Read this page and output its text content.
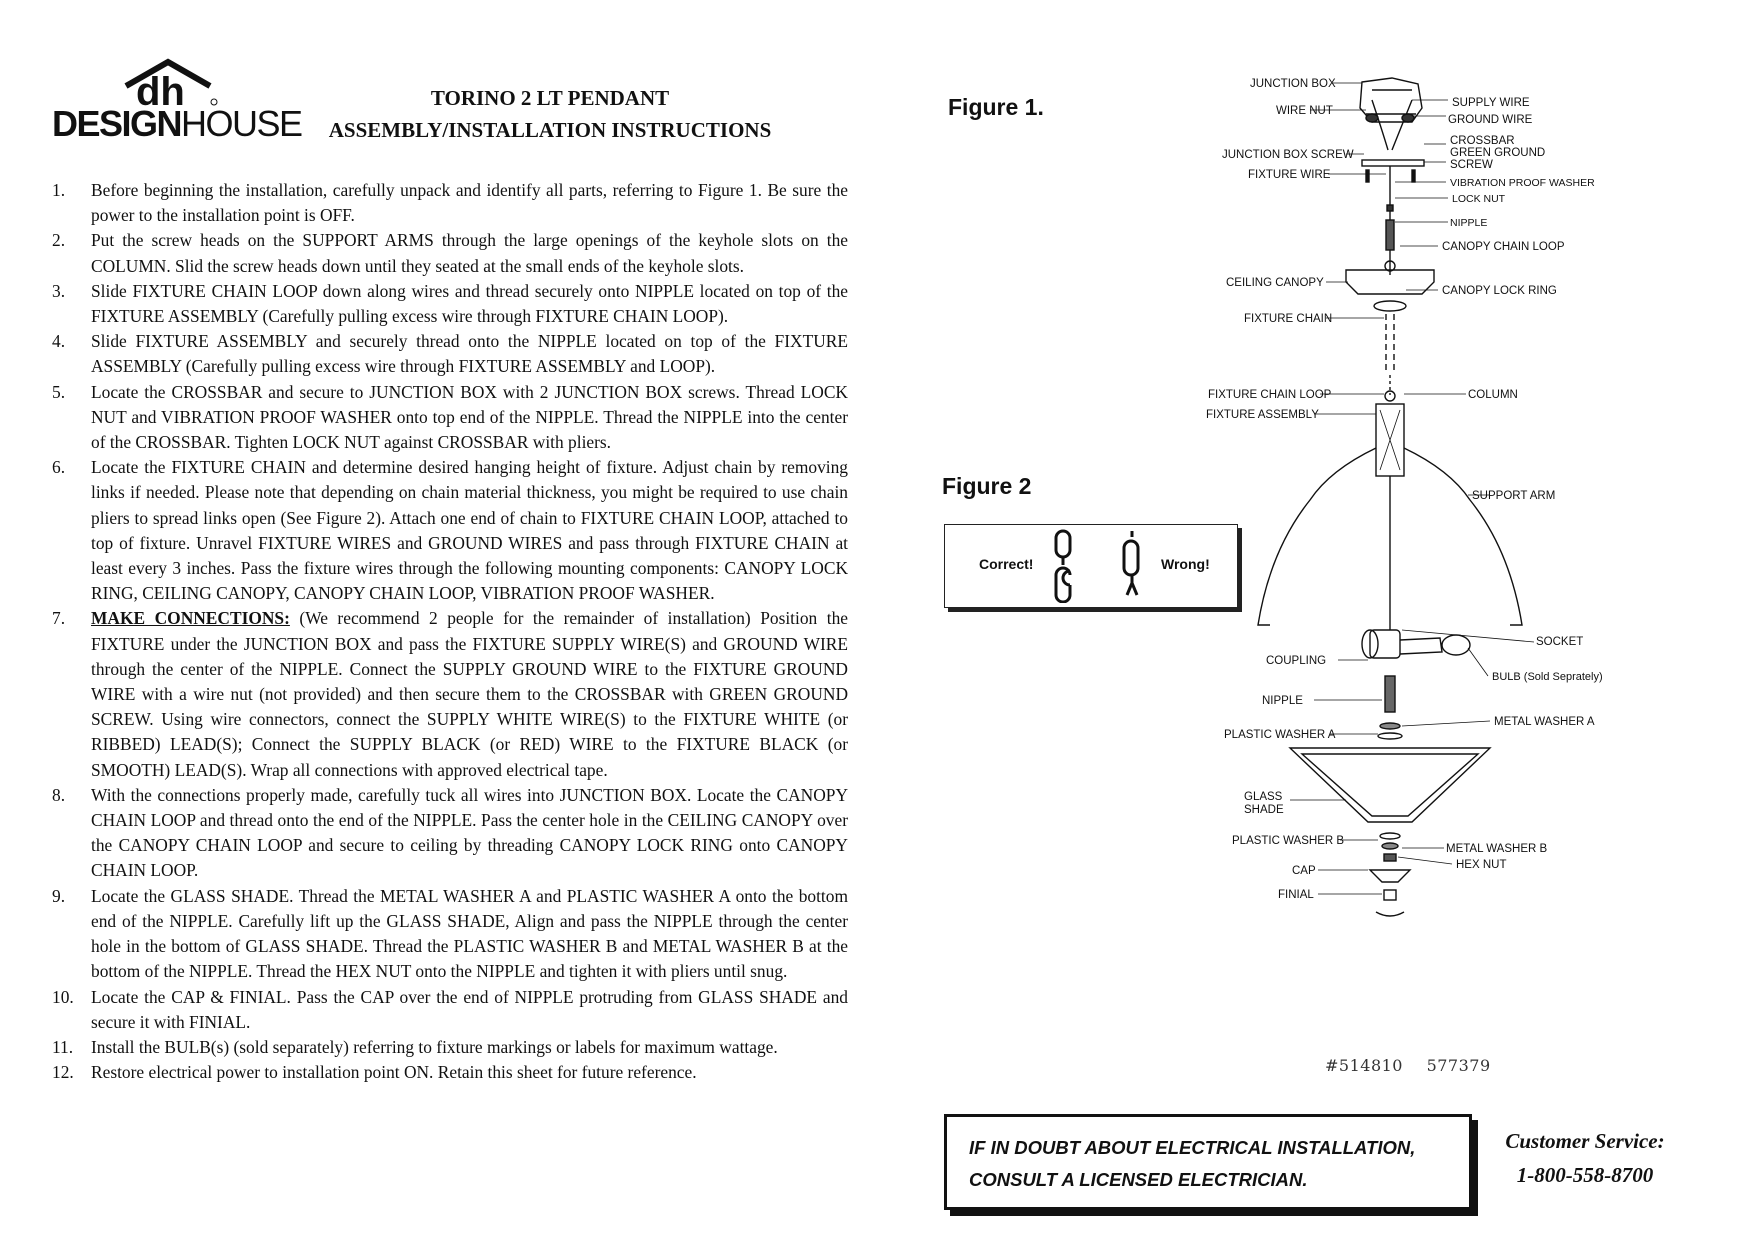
dh
DESIGNHOUSE
TORINO 2 LT PENDANT
ASSEMBLY/INSTALLATION INSTRUCTIONS
1. Before beginning the installation, carefully unpack and identify all parts, referring to Figure 1. Be sure the power to the installation point is OFF.
2. Put the screw heads on the SUPPORT ARMS through the large openings of the keyhole slots on the COLUMN. Slid the screw heads down until they seated at the small ends of the keyhole slots.
3. Slide FIXTURE CHAIN LOOP down along wires and thread securely onto NIPPLE located on top of the FIXTURE ASSEMBLY (Carefully pulling excess wire through FIXTURE CHAIN LOOP).
4. Slide FIXTURE ASSEMBLY and securely thread onto the NIPPLE located on top of the FIXTURE ASSEMBLY (Carefully pulling excess wire through FIXTURE ASSEMBLY and LOOP).
5. Locate the CROSSBAR and secure to JUNCTION BOX with 2 JUNCTION BOX screws. Thread LOCK NUT and VIBRATION PROOF WASHER onto top end of the NIPPLE. Thread the NIPPLE into the center of the CROSSBAR. Tighten LOCK NUT against CROSSBAR with pliers.
6. Locate the FIXTURE CHAIN and determine desired hanging height of fixture. Adjust chain by removing links if needed. Please note that depending on chain material thickness, you might be required to use chain pliers to spread links open (See Figure 2). Attach one end of chain to FIXTURE CHAIN LOOP, attached to top of fixture. Unravel FIXTURE WIRES and GROUND WIRES and pass through FIXTURE CHAIN at least every 3 inches. Pass the fixture wires through the following mounting components: CANOPY LOCK RING, CEILING CANOPY, CANOPY CHAIN LOOP, VIBRATION PROOF WASHER.
7. MAKE CONNECTIONS: (We recommend 2 people for the remainder of installation) Position the FIXTURE under the JUNCTION BOX and pass the FIXTURE SUPPLY WIRE(S) and GROUND WIRE through the center of the NIPPLE. Connect the SUPPLY GROUND WIRE to the FIXTURE GROUND WIRE with a wire nut (not provided) and then secure them to the CROSSBAR with GREEN GROUND SCREW. Using wire connectors, connect the SUPPLY WHITE WIRE(S) to the FIXTURE WHITE (or RIBBED) LEAD(S); Connect the SUPPLY BLACK (or RED) WIRE to the FIXTURE BLACK (or SMOOTH) LEAD(S). Wrap all connections with approved electrical tape.
8. With the connections properly made, carefully tuck all wires into JUNCTION BOX. Locate the CANOPY CHAIN LOOP and thread onto the end of the NIPPLE. Pass the center hole in the CEILING CANOPY over the CANOPY CHAIN LOOP and secure to ceiling by threading CANOPY LOCK RING onto CANOPY CHAIN LOOP.
9. Locate the GLASS SHADE. Thread the METAL WASHER A and PLASTIC WASHER A onto the bottom end of the NIPPLE. Carefully lift up the GLASS SHADE, Align and pass the NIPPLE through the center hole in the bottom of GLASS SHADE. Thread the PLASTIC WASHER B and METAL WASHER B at the bottom of the NIPPLE. Thread the HEX NUT onto the NIPPLE and tighten it with pliers until snug.
10. Locate the CAP & FINIAL. Pass the CAP over the end of NIPPLE protruding from GLASS SHADE and secure it with FINIAL.
11. Install the BULB(s) (sold separately) referring to fixture markings or labels for maximum wattage.
12. Restore electrical power to installation point ON. Retain this sheet for future reference.
Figure 1.
Figure 2
Correct!	Wrong!
JUNCTION BOX
WIRE NUT
JUNCTION BOX SCREW
FIXTURE WIRE
CEILING CANOPY
FIXTURE CHAIN
FIXTURE CHAIN LOOP
FIXTURE ASSEMBLY
COUPLING
NIPPLE
PLASTIC WASHER A
GLASS
SHADE
PLASTIC WASHER B
CAP
FINIAL
SUPPLY WIRE
GROUND WIRE
CROSSBAR
GREEN GROUND
SCREW
VIBRATION PROOF WASHER
LOCK NUT
NIPPLE
CANOPY CHAIN LOOP
CANOPY LOCK RING
COLUMN
SUPPORT ARM
SOCKET
BULB (Sold Seprately)
METAL WASHER A
METAL WASHER B
HEX NUT
#514810 577379
IF IN DOUBT ABOUT ELECTRICAL INSTALLATION,
CONSULT A LICENSED ELECTRICIAN.
Customer Service:
1-800-558-8700
